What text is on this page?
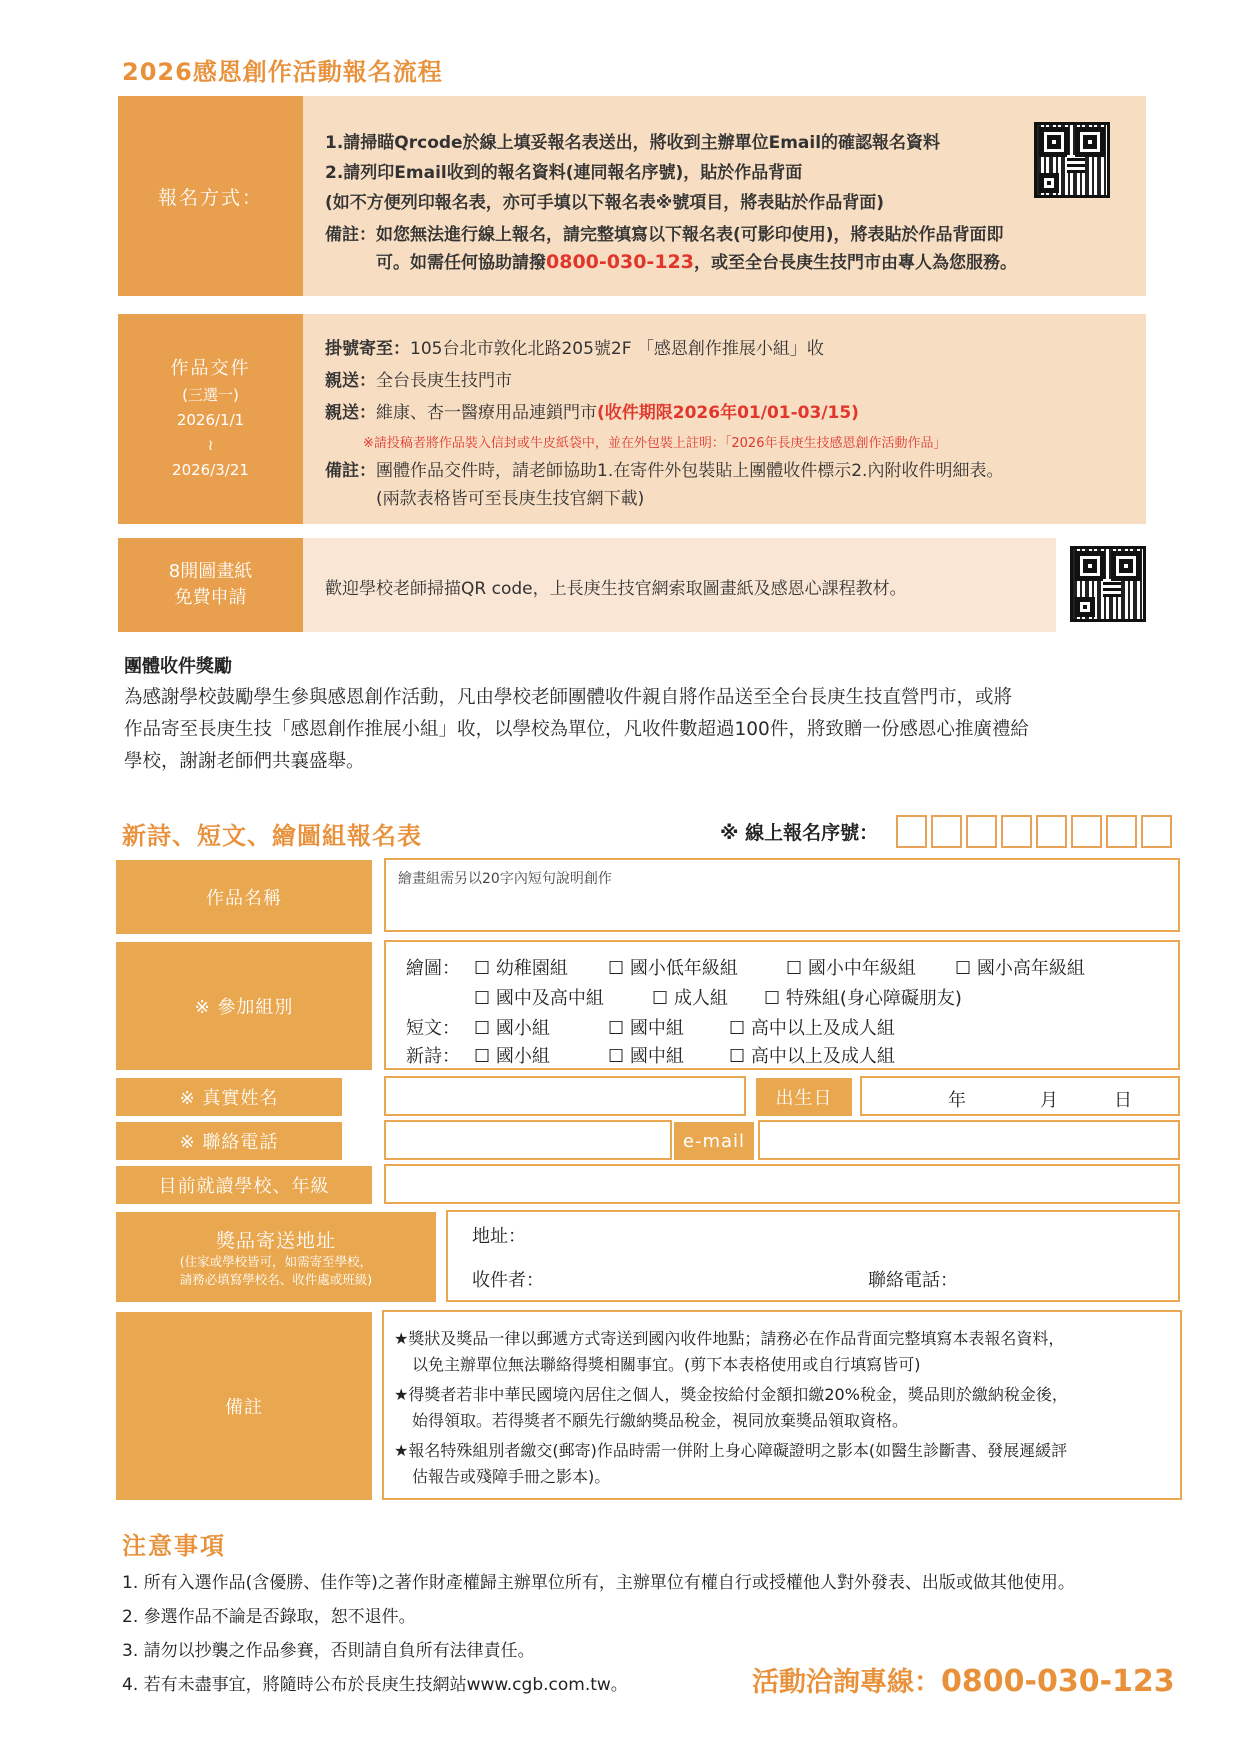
2026感恩創作活動報名流程
報名方式：
1.請掃瞄Qrcode於線上填妥報名表送出，將收到主辦單位Email的確認報名資料
2.請列印Email收到的報名資料(連同報名序號)，貼於作品背面
(如不方便列印報名表，亦可手填以下報名表※號項目，將表貼於作品背面)
備註：如您無法進行線上報名，請完整填寫以下報名表(可影印使用)，將表貼於作品背面即
可。如需任何協助請撥0800-030-123，或至全台長庚生技門市由專人為您服務。
作品交件
(三選一)
2026/1/1
≀
2026/3/21
掛號寄至：105台北市敦化北路205號2F 「感恩創作推展小組」收
親送：全台長庚生技門市
親送：維康、杏一醫療用品連鎖門市(收件期限2026年01/01-03/15)
※請投稿者將作品裝入信封或牛皮紙袋中，並在外包裝上註明：「2026年長庚生技感恩創作活動作品」
備註：團體作品交件時，請老師協助1.在寄件外包裝貼上團體收件標示2.內附收件明細表。
(兩款表格皆可至長庚生技官網下載)
8開圖畫紙
免費申請	歡迎學校老師掃描QR code，上長庚生技官網索取圖畫紙及感恩心課程教材。
團體收件獎勵
為感謝學校鼓勵學生參與感恩創作活動，凡由學校老師團體收件親自將作品送至全台長庚生技直營門市，或將
作品寄至長庚生技「感恩創作推展小組」收，以學校為單位，凡收件數超過100件，將致贈一份感恩心推廣禮給
學校，謝謝老師們共襄盛舉。
新詩、短文、繪圖組報名表	※ 線上報名序號：
作品名稱
繪畫組需另以20字內短句說明創作
※ 參加組別
繪圖： ☐ 幼稚園組 ☐ 國小低年級組	☐ 國小中年級組 ☐ 國小高年級組
☐ 國中及高中組	☐ 成人組 ☐ 特殊組(身心障礙朋友)
短文： ☐ 國小組	☐ 國中組	☐ 高中以上及成人組
新詩： ☐ 國小組	☐ 國中組	☐ 高中以上及成人組
※ 真實姓名	出生日	年	月	日
※ 聯絡電話	e-mail
目前就讀學校、年級
獎品寄送地址
(住家或學校皆可，如需寄至學校，
請務必填寫學校名、收件處或班級)
地址：
收件者：	聯絡電話：
備註
★獎狀及獎品一律以郵遞方式寄送到國內收件地點；請務必在作品背面完整填寫本表報名資料，
以免主辦單位無法聯絡得獎相關事宜。(剪下本表格使用或自行填寫皆可)
★得獎者若非中華民國境內居住之個人，獎金按給付金額扣繳20%稅金，獎品則於繳納稅金後，
始得領取。若得獎者不願先行繳納獎品稅金，視同放棄獎品領取資格。
★報名特殊組別者繳交(郵寄)作品時需一併附上身心障礙證明之影本(如醫生診斷書、發展遲緩評
估報告或殘障手冊之影本)。
注意事項
1. 所有入選作品(含優勝、佳作等)之著作財產權歸主辦單位所有，主辦單位有權自行或授權他人對外發表、出版或做其他使用。
2. 參選作品不論是否錄取，恕不退件。
3. 請勿以抄襲之作品參賽，否則請自負所有法律責任。
4. 若有未盡事宜，將隨時公布於長庚生技網站www.cgb.com.tw。	活動洽詢專線：0800-030-123
